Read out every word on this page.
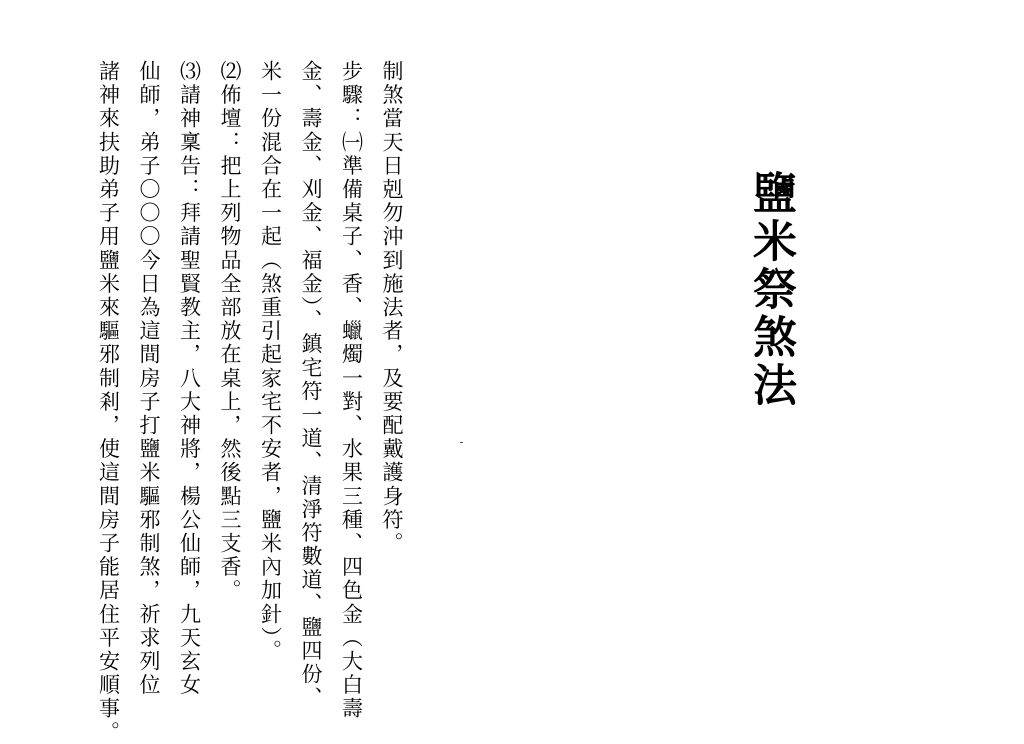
鹽米祭煞法
制煞當天日剋勿沖到施法者，及要配戴護身符。
步驟：㈠準備桌子、香、蠟燭一對、水果三種、四色金（大白壽
金、壽金、刈金、福金）、鎮宅符一道、清淨符數道、鹽四份、
米一份混合在一起（煞重引起家宅不安者，鹽米內加針）。
⑵佈壇：把上列物品全部放在桌上，然後點三支香。
⑶請神稟告：拜請聖賢教主，八大神將，楊公仙師，九天玄女
仙師，弟子〇〇〇今日為這間房子打鹽米驅邪制煞，祈求列位
諸神來扶助弟子用鹽米來驅邪制剎，使這間房子能居住平安順事。
